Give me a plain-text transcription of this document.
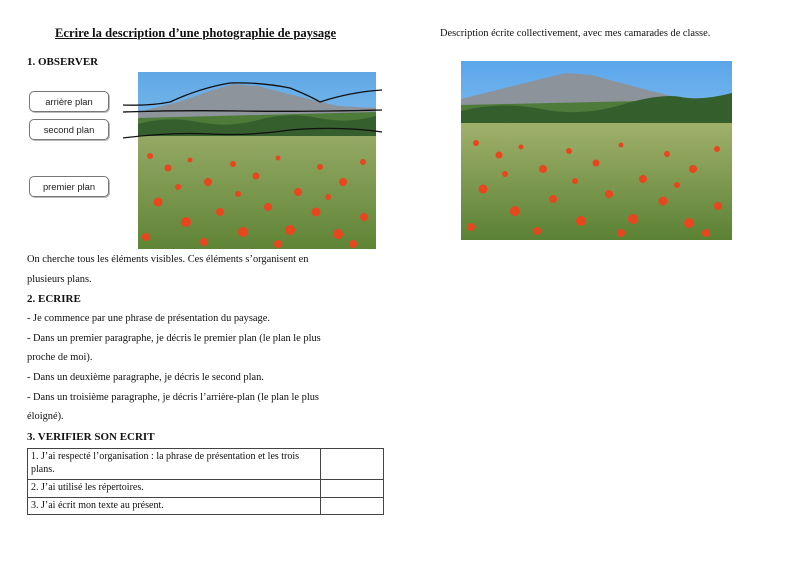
Ecrire la description d’une photographie de paysage	Description écrite collectivement, avec mes camarades de classe.
1. OBSERVER
arrière plan
second plan
premier plan
On cherche tous les éléments visibles. Ces éléments s’organisent en
plusieurs plans.
2. ECRIRE
- Je commence par une phrase de présentation du paysage.
- Dans un premier paragraphe, je décris le premier plan (le plan le plus
proche de moi).
- Dans un deuxième paragraphe, je décris le second plan.
- Dans un troisième paragraphe, je décris l’arrière-plan (le plan le plus
éloigné).
3. VERIFIER SON ECRIT
1. J’ai respecté l’organisation : la phrase de présentation et les trois plans.	
2. J’ai utilisé les répertoires.	
3. J’ai écrit mon texte au présent.	
